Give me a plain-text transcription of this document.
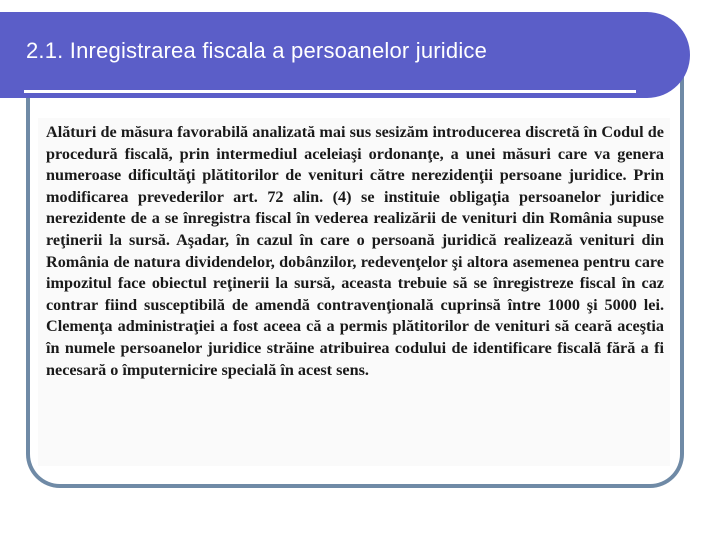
2.1. Inregistrarea fiscala a persoanelor juridice

Alături de măsura favorabilă analizată mai sus sesizăm introducerea discretă în Codul de procedură fiscală, prin intermediul aceleiaşi ordonanţe, a unei măsuri care va genera numeroase dificultăţi plătitorilor de venituri către nerezidenţii persoane juridice. Prin modificarea prevederilor art. 72 alin. (4) se instituie obligaţia persoanelor juridice nerezidente de a se înregistra fiscal în vederea realizării de venituri din România supuse reţinerii la sursă. Aşadar, în cazul în care o persoană juridică realizează venituri din România de natura dividendelor, dobânzilor, redevenţelor şi altora asemenea pentru care impozitul face obiectul reţinerii la sursă, aceasta trebuie să se înregistreze fiscal în caz contrar fiind susceptibilă de amendă contravenţională cuprinsă între 1000 şi 5000 lei. Clemenţa administraţiei a fost aceea că a permis plătitorilor de venituri să ceară aceştia în numele persoanelor juridice străine atribuirea codului de identificare fiscală fără a fi necesară o împuternicire specială în acest sens.
